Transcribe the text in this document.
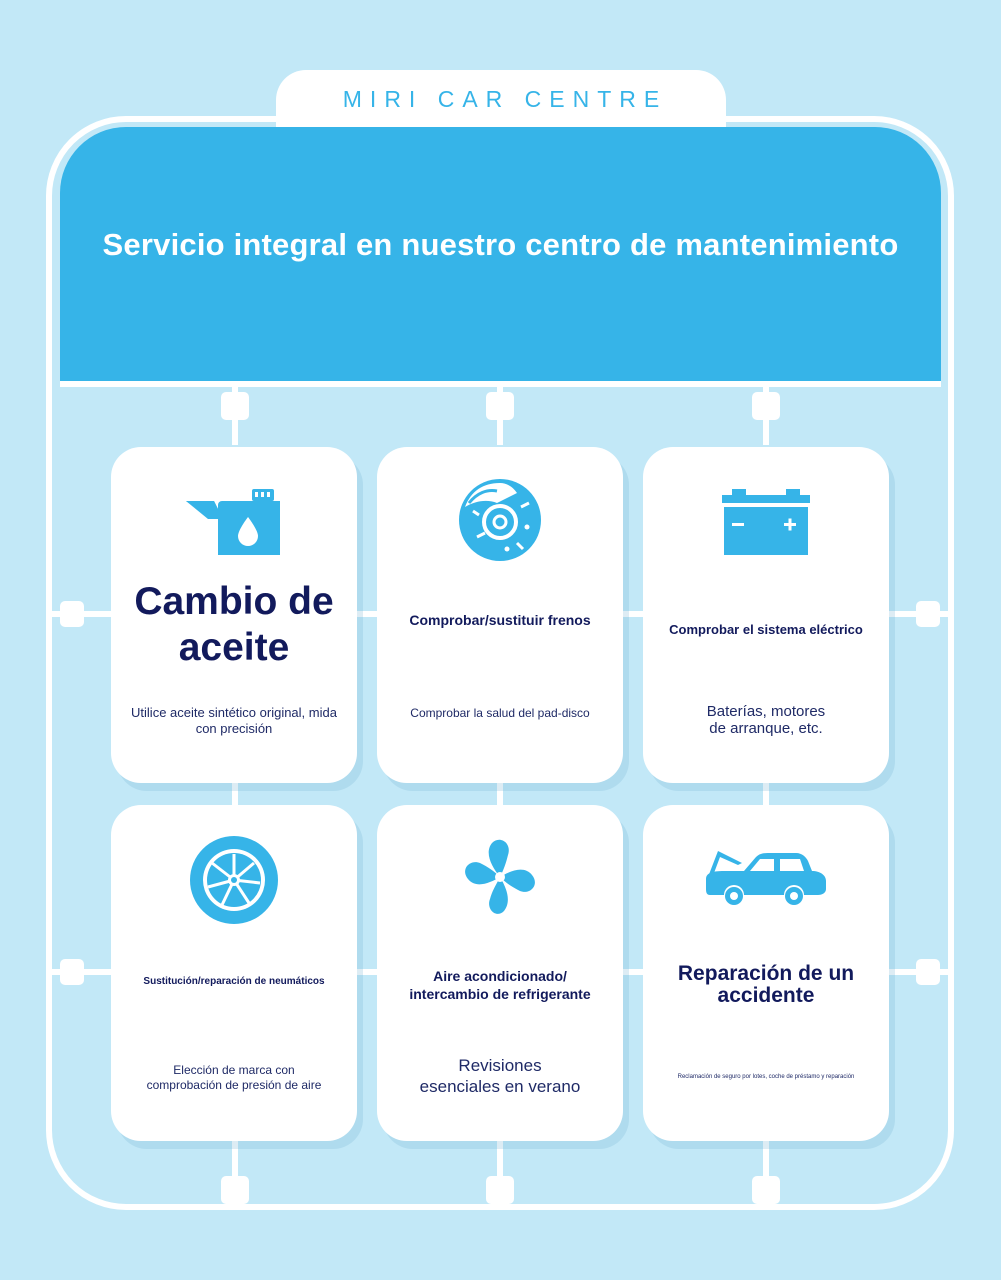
MIRI CAR CENTRE
Servicio integral en nuestro centro de mantenimiento
Cambio de aceite
Utilice aceite sintético original, mida con precisión
Comprobar/sustituir frenos
Comprobar la salud del pad-disco
Comprobar el sistema eléctrico
Baterías, motores de arranque, etc.
Sustitución/reparación de neumáticos
Elección de marca con comprobación de presión de aire
Aire acondicionado/ intercambio de refrigerante
Revisiones esenciales en verano
Reparación de un accidente
Reclamación de seguro por lotes, coche de préstamo y reparación
